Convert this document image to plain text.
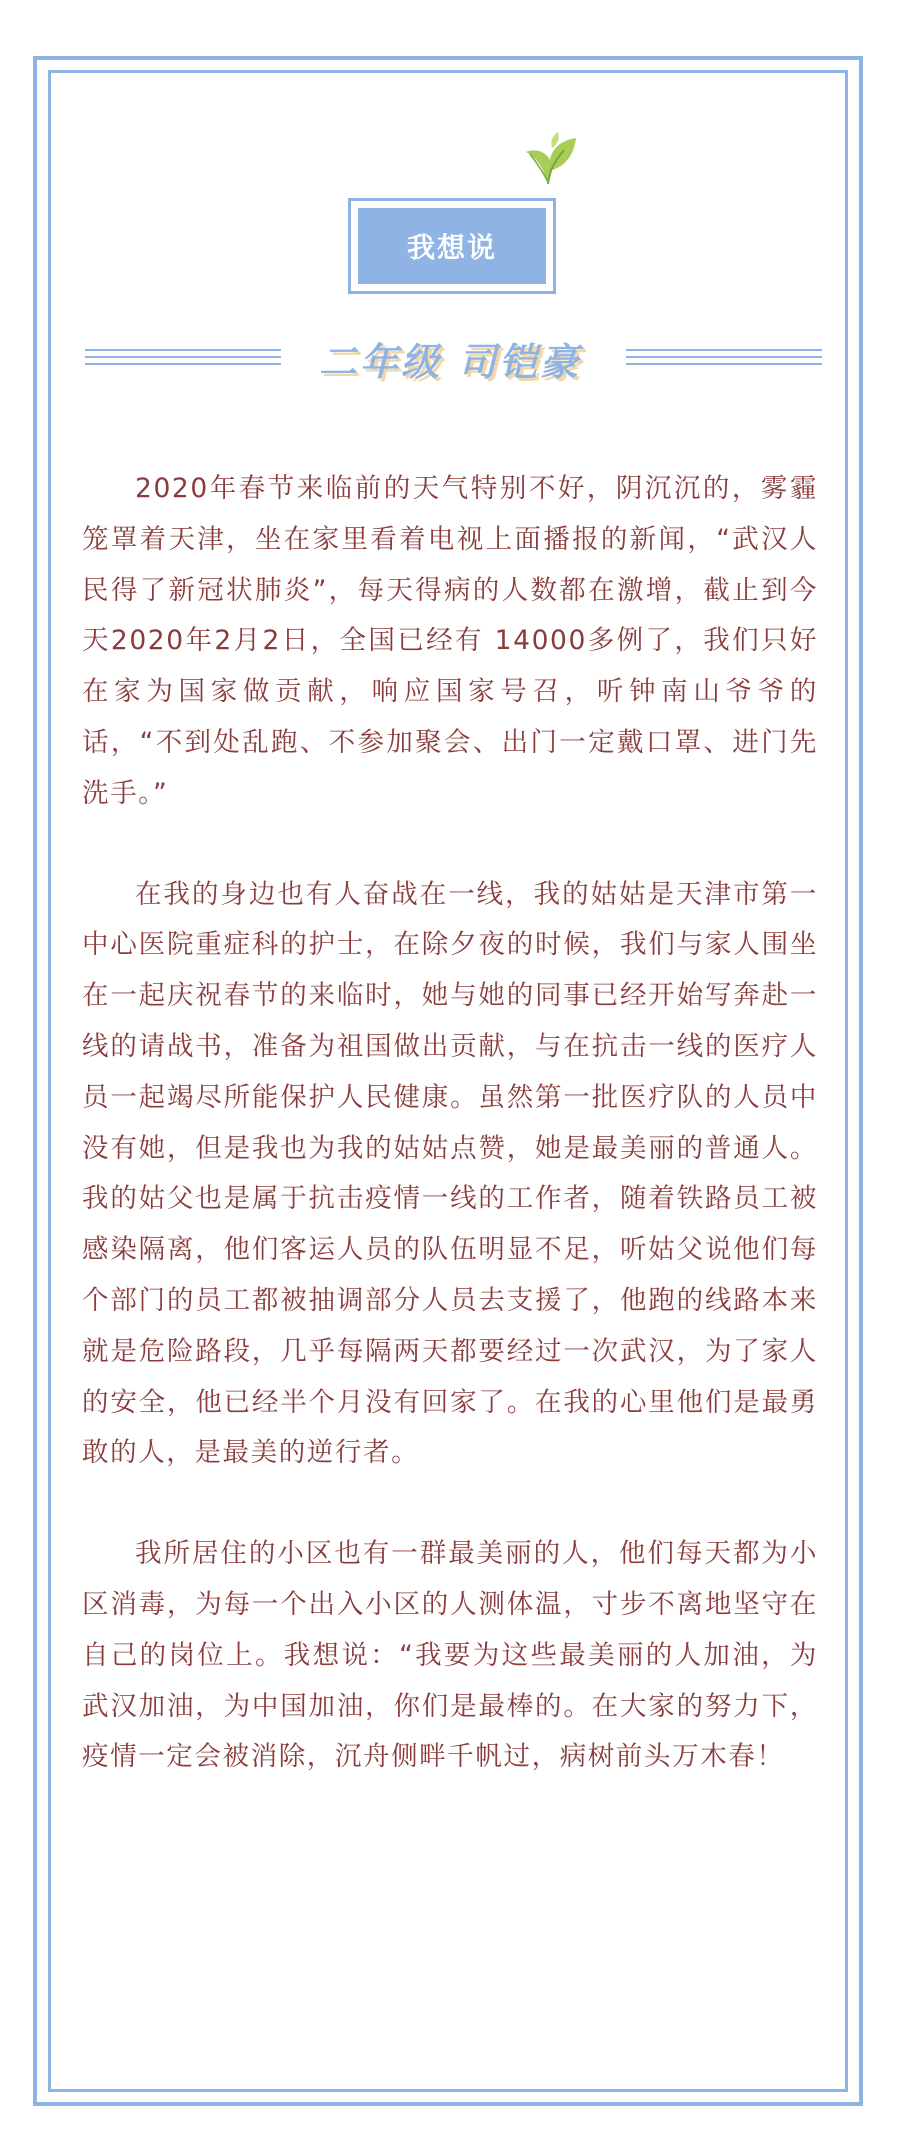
我想说
二年级 司铠豪

2020年春节来临前的天气特别不好，阴沉沉的，雾霾笼罩着天津，坐在家里看着电视上面播报的新闻，“武汉人民得了新冠状肺炎”，每天得病的人数都在激增，截止到今天2020年2月2日，全国已经有 14000多例了，我们只好在家为国家做贡献，响应国家号召，听钟南山爷爷的话，“不到处乱跑、不参加聚会、出门一定戴口罩、进门先洗手。”

在我的身边也有人奋战在一线，我的姑姑是天津市第一中心医院重症科的护士，在除夕夜的时候，我们与家人围坐在一起庆祝春节的来临时，她与她的同事已经开始写奔赴一线的请战书，准备为祖国做出贡献，与在抗击一线的医疗人员一起竭尽所能保护人民健康。虽然第一批医疗队的人员中没有她，但是我也为我的姑姑点赞，她是最美丽的普通人。我的姑父也是属于抗击疫情一线的工作者，随着铁路员工被感染隔离，他们客运人员的队伍明显不足，听姑父说他们每个部门的员工都被抽调部分人员去支援了，他跑的线路本来就是危险路段，几乎每隔两天都要经过一次武汉，为了家人的安全，他已经半个月没有回家了。在我的心里他们是最勇敢的人，是最美的逆行者。

我所居住的小区也有一群最美丽的人，他们每天都为小区消毒，为每一个出入小区的人测体温，寸步不离地坚守在自己的岗位上。我想说：“我要为这些最美丽的人加油，为武汉加油，为中国加油，你们是最棒的。在大家的努力下，疫情一定会被消除，沉舟侧畔千帆过，病树前头万木春！
